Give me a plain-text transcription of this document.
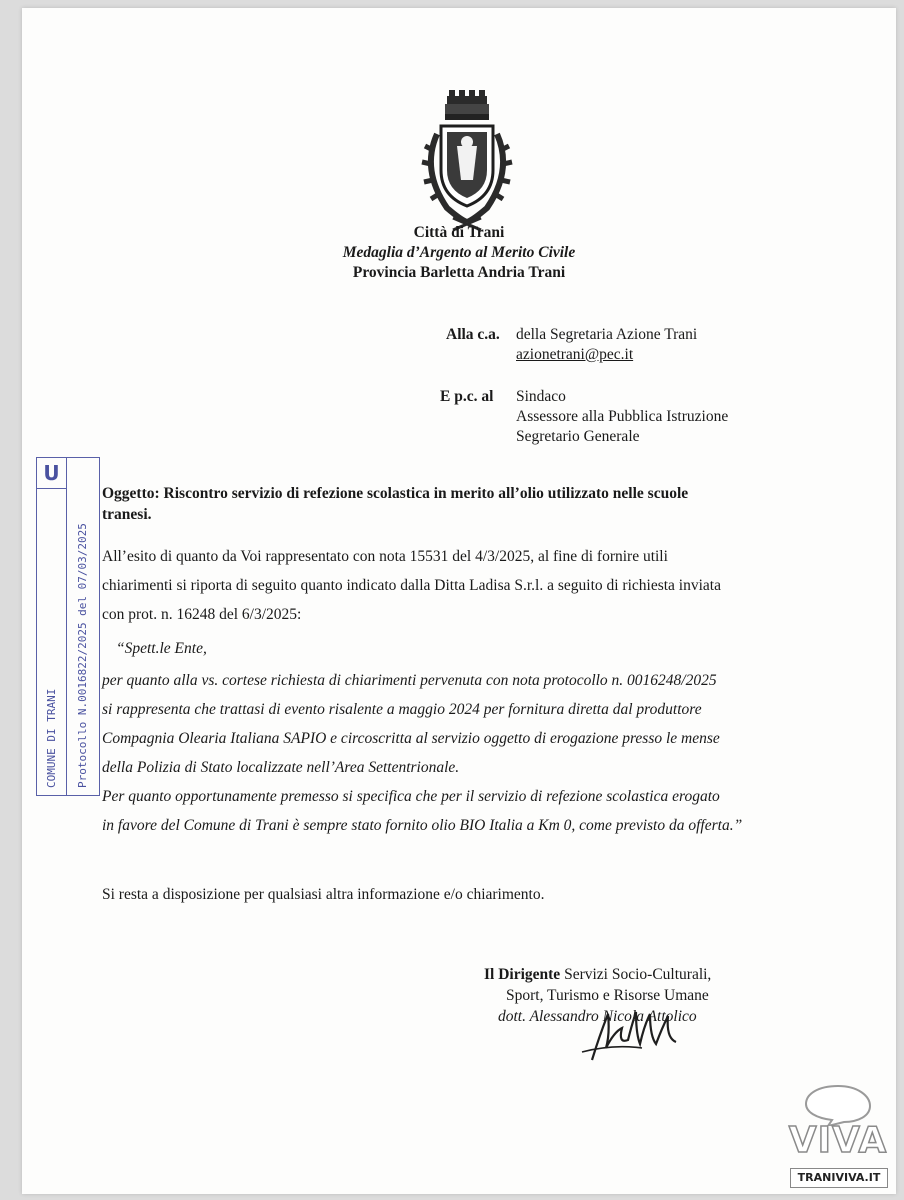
Città di Trani
Medaglia d’Argento al Merito Civile
Provincia Barletta Andria Trani
Alla c.a. della Segretaria Azione Trani
azionetrani@pec.it
E p.c. al Sindaco
Assessore alla Pubblica Istruzione
Segretario Generale
U
COMUNE DI TRANI Protocollo N.0016822/2025 del 07/03/2025
Oggetto: Riscontro servizio di refezione scolastica in merito all’olio utilizzato nelle scuole
tranesi.
All’esito di quanto da Voi rappresentato con nota 15531 del 4/3/2025, al fine di fornire utili
chiarimenti si riporta di seguito quanto indicato dalla Ditta Ladisa S.r.l. a seguito di richiesta inviata
con prot. n. 16248 del 6/3/2025:
“Spett.le Ente,
per quanto alla vs. cortese richiesta di chiarimenti pervenuta con nota protocollo n. 0016248/2025
si rappresenta che trattasi di evento risalente a maggio 2024 per fornitura diretta dal produttore
Compagnia Olearia Italiana SAPIO e circoscritta al servizio oggetto di erogazione presso le mense
della Polizia di Stato localizzate nell’Area Settentrionale.
Per quanto opportunamente premesso si specifica che per il servizio di refezione scolastica erogato
in favore del Comune di Trani è sempre stato fornito olio BIO Italia a Km 0, come previsto da offerta.”
Si resta a disposizione per qualsiasi altra informazione e/o chiarimento.
Il Dirigente Servizi Socio-Culturali,
Sport, Turismo e Risorse Umane
dott. Alessandro Nicola Attolico
VIVA
TRANIVIVA.IT
